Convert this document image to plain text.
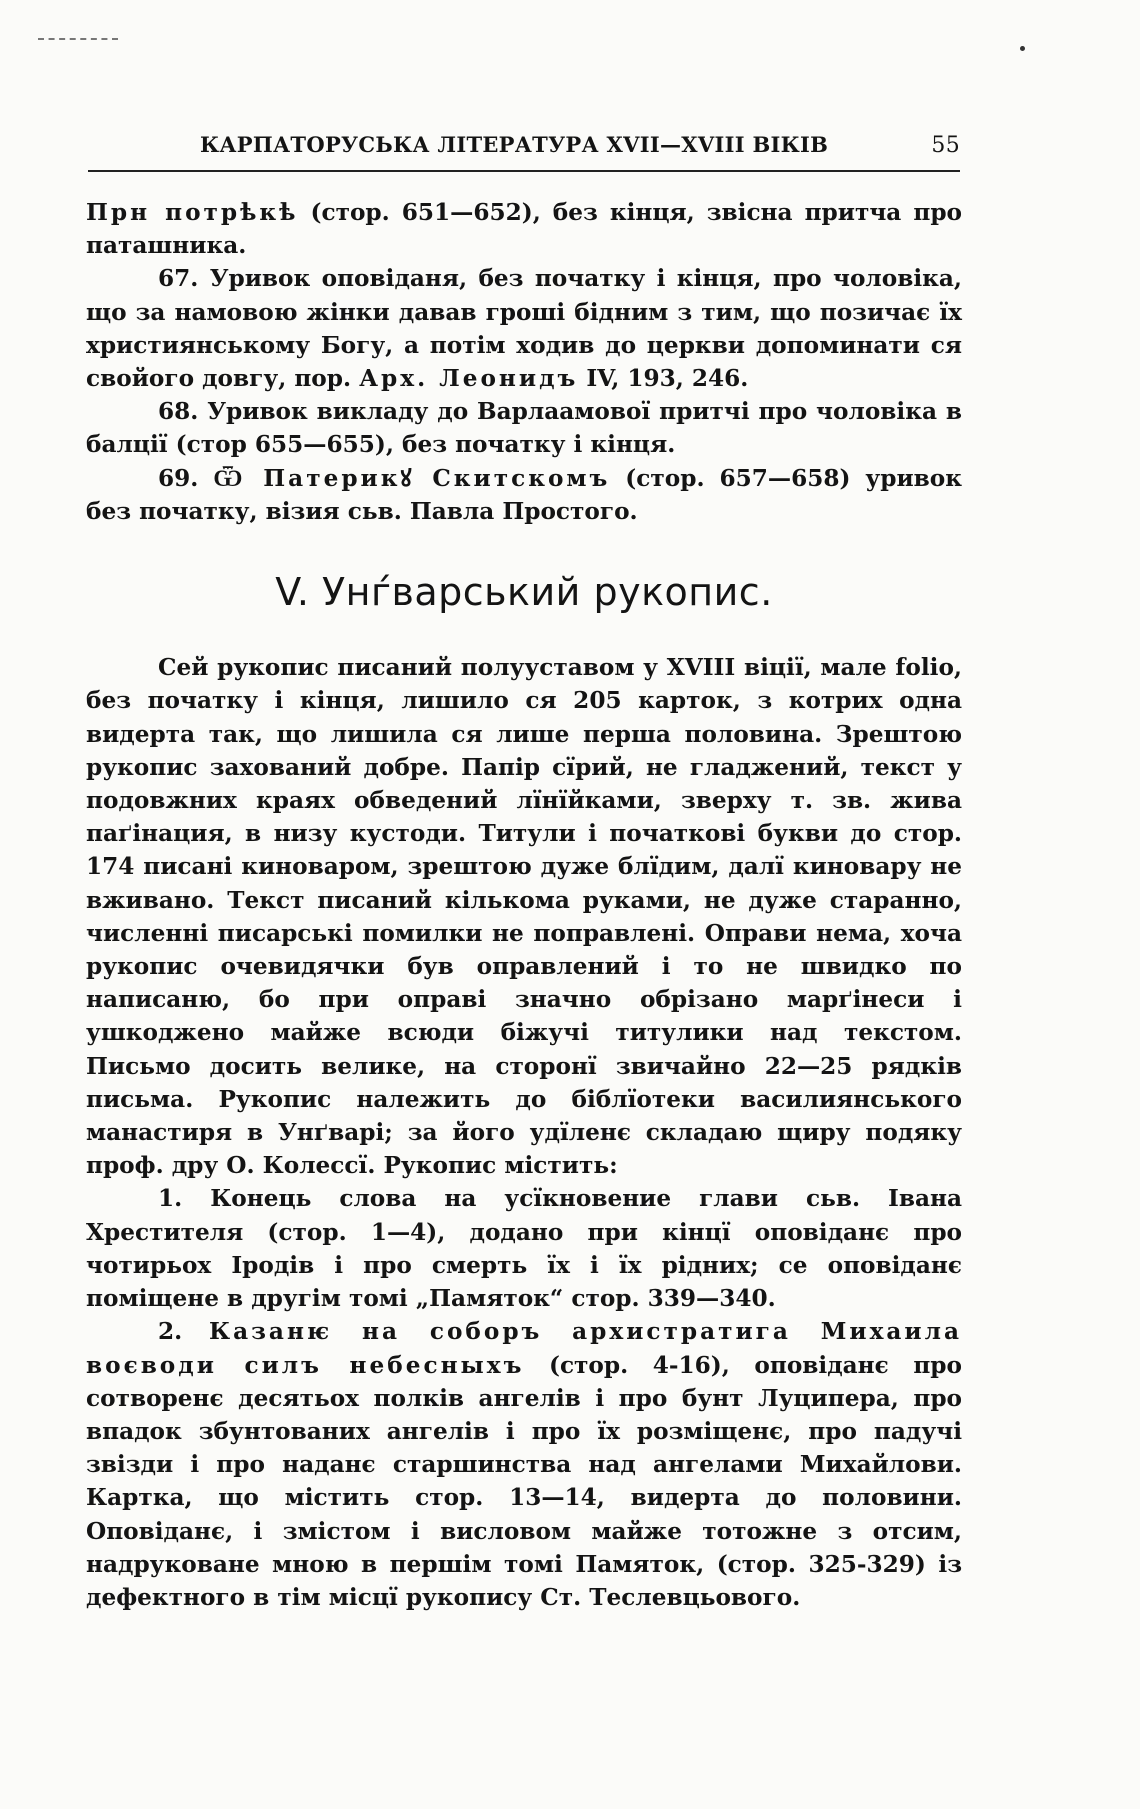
КАРПАТОРУСЬКА ЛІТЕРАТУРА XVII—XVIII ВІКІВ	55

Прн потрѣкѣ (стор. 651—652), без кінця, звісна притча про паташника.

67. Уривок оповіданя, без початку і кінця, про чоловіка, що за намовою жінки давав гроші бідним з тим, що позичає їх християнському Богу, а потім ходив до церкви допоминати ся свойого довгу, пор. Арх. Леонидъ IV, 193, 246.

68. Уривок викладу до Варлаамової притчі про чоловіка в балції (стор 655—655), без початку і кінця.

69. Ѿ Патерикꙋ Скитскомъ (стор. 657—658) уривок без початку, візия сьв. Павла Простого.

V. Унѓварський рукопис.

Сей рукопис писаний полууставом у XVIII віції, мале folio, без початку і кінця, лишило ся 205 карток, з котрих одна видерта так, що лишила ся лише перша половина. Зрештою рукопис захований добре. Папір сїрий, не гладжений, текст у подовжних краях обведений лїнїйками, зверху т. зв. жива паґінация, в низу кустоди. Титули і початкові букви до стор. 174 писані киноваром, зрештою дуже блїдим, далї киновару не вживано. Текст писаний кількома руками, не дуже старанно, численні писарські помилки не поправлені. Оправи нема, хоча рукопис очевидячки був оправлений і то не швидко по написаню, бо при оправі значно обрізано марґінеси і ушкоджено майже всюди біжучі титулики над текстом. Письмо досить велике, на сторонї звичайно 22—25 рядків письма. Рукопис належить до біблїотеки василиянського манастиря в Унґварі; за його удїленє складаю щиру подяку проф. дру О. Колессї. Рукопис містить:

1. Конець слова на усїкновение глави сьв. Івана Хрестителя (стор. 1—4), додано при кінцї оповіданє про чотирьох Іродів і про смерть їх і їх рідних; се оповіданє поміщене в другім томі „Памяток“ стор. 339—340.

2. Казанѥ на соборъ архистратига Михаила воєводи силъ небесныхъ (стор. 4-16), оповіданє про сотворенє десятьох полків ангелів і про бунт Луципера, про впадок збунтованих ангелів і про їх розміщенє, про падучі звізди і про наданє старшинства над ангелами Михайлови. Картка, що містить стор. 13—14, видерта до половини. Оповіданє, і змістом і висловом майже тотожне з отсим, надруковане мною в першім томі Памяток, (стор. 325-329) із дефектного в тім місцї рукопису Ст. Теслевцьового.
